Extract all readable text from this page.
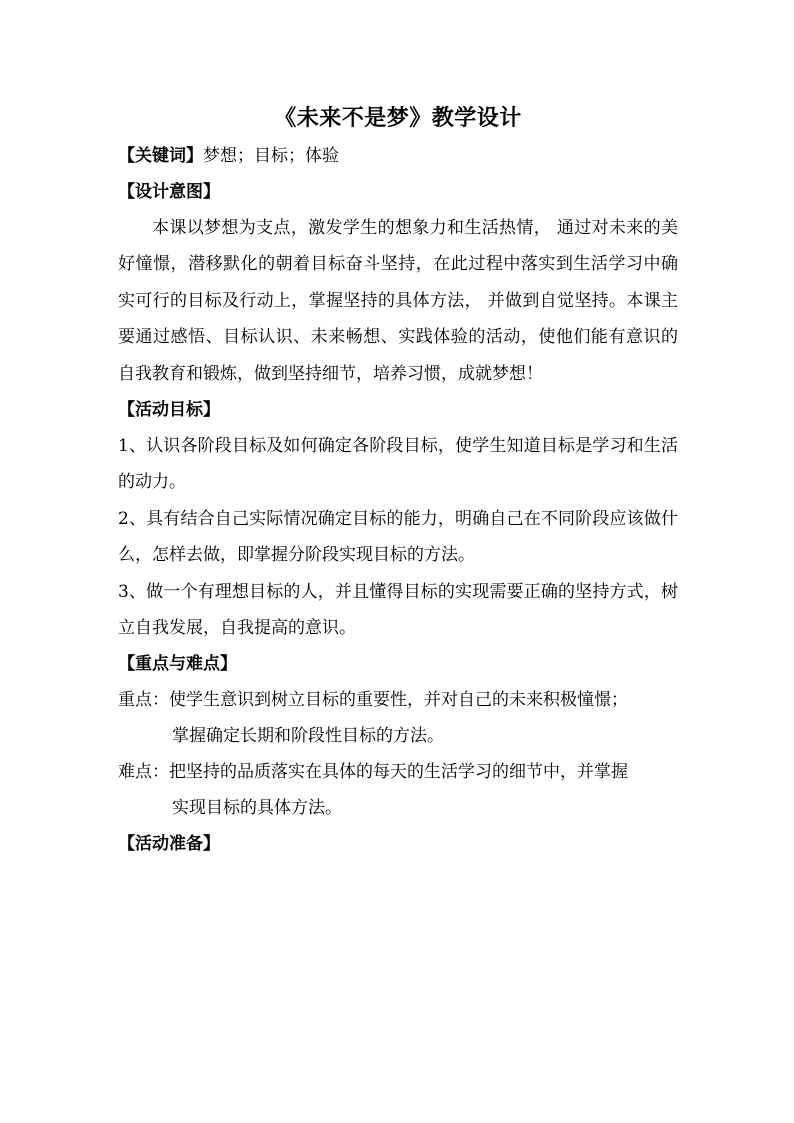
《未来不是梦》教学设计
【关键词】梦想；目标；体验
【设计意图】

本课以梦想为支点，激发学生的想象力和生活热情， 通过对未来的美好憧憬，潜移默化的朝着目标奋斗坚持，在此过程中落实到生活学习中确实可行的目标及行动上，掌握坚持的具体方法， 并做到自觉坚持。本课主要通过感悟、目标认识、未来畅想、实践体验的活动，使他们能有意识的自我教育和锻炼，做到坚持细节，培养习惯，成就梦想！

【活动目标】

1、认识各阶段目标及如何确定各阶段目标，使学生知道目标是学习和生活的动力。

2、具有结合自己实际情况确定目标的能力，明确自己在不同阶段应该做什么，怎样去做，即掌握分阶段实现目标的方法。

3、做一个有理想目标的人，并且懂得目标的实现需要正确的坚持方式，树立自我发展，自我提高的意识。

【重点与难点】
重点：使学生意识到树立目标的重要性，并对自己的未来积极憧憬；
掌握确定长期和阶段性目标的方法。
难点：把坚持的品质落实在具体的每天的生活学习的细节中，并掌握
实现目标的具体方法。
【活动准备】
